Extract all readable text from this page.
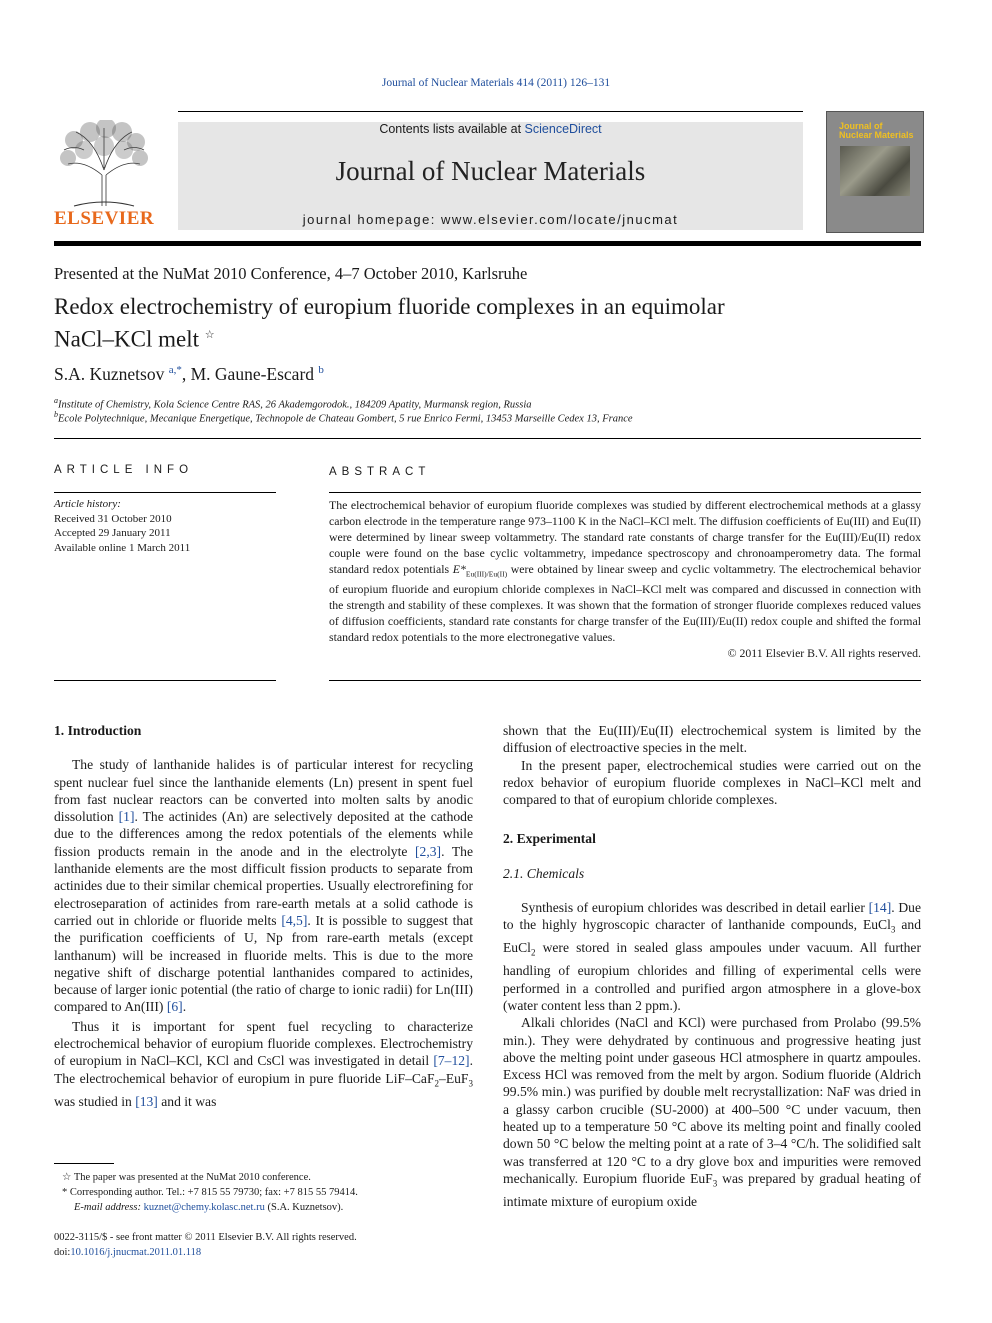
Journal of Nuclear Materials 414 (2011) 126–131
ELSEVIER
Contents lists available at ScienceDirect
Journal of Nuclear Materials
journal homepage: www.elsevier.com/locate/jnucmat
Journal of
Nuclear Materials
Presented at the NuMat 2010 Conference, 4–7 October 2010, Karlsruhe
Redox electrochemistry of europium fluoride complexes in an equimolar
NaCl–KCl melt ☆
S.A. Kuznetsov $^{a,*}$, M. Gaune-Escard $^b$
$^a$Institute of Chemistry, Kola Science Centre RAS, 26 Akademgorodok., 184209 Apatity, Murmansk region, Russia
$^b$Ecole Polytechnique, Mecanique Energetique, Technopole de Chateau Gombert, 5 rue Enrico Fermi, 13453 Marseille Cedex 13, France
ARTICLE INFO
Article history:
Received 31 October 2010
Accepted 29 January 2011
Available online 1 March 2011
ABSTRACT
The electrochemical behavior of europium fluoride complexes was studied by different electrochemical methods at a glassy carbon electrode in the temperature range 973–1100 K in the NaCl–KCl melt. The diffusion coefficients of Eu(III) and Eu(II) were determined by linear sweep voltammetry. The standard rate constants of charge transfer for the Eu(III)/Eu(II) redox couple were found on the base cyclic voltammetry, impedance spectroscopy and chronoamperometry data. The formal standard redox potentials $E*_{Eu(III)/Eu(II)}$ were obtained by linear sweep and cyclic voltammetry. The electrochemical behavior of europium fluoride and europium chloride complexes in NaCl–KCl melt was compared and discussed in connection with the strength and stability of these complexes. It was shown that the formation of stronger fluoride complexes reduced values of diffusion coefficients, standard rate constants for charge transfer of the Eu(III)/Eu(II) redox couple and shifted the formal standard redox potentials to the more electronegative values.
© 2011 Elsevier B.V. All rights reserved.
1. Introduction

The study of lanthanide halides is of particular interest for recycling spent nuclear fuel since the lanthanide elements (Ln) present in spent fuel from fast nuclear reactors can be converted into molten salts by anodic dissolution [1]. The actinides (An) are selectively deposited at the cathode due to the differences among the redox potentials of the elements while fission products remain in the anode and in the electrolyte [2,3]. The lanthanide elements are the most difficult fission products to separate from actinides due to their similar chemical properties. Usually electrorefining for electroseparation of actinides from rare-earth metals at a solid cathode is carried out in chloride or fluoride melts [4,5]. It is possible to suggest that the purification coefficients of U, Np from rare-earth metals (except lanthanum) will be increased in fluoride melts. This is due to the more negative shift of discharge potential lanthanides compared to actinides, because of larger ionic potential (the ratio of charge to ionic radii) for Ln(III) compared to An(III) [6].

Thus it is important for spent fuel recycling to characterize electrochemical behavior of europium fluoride complexes. Electrochemistry of europium in NaCl–KCl, KCl and CsCl was investigated in detail [7–12]. The electrochemical behavior of europium in pure fluoride LiF–CaF$_2$–EuF$_3$ was studied in [13] and it was

☆ The paper was presented at the NuMat 2010 conference.
* Corresponding author. Tel.: +7 815 55 79730; fax: +7 815 55 79414.
E-mail address: kuznet@chemy.kolasc.net.ru (S.A. Kuznetsov).
0022-3115/$ - see front matter © 2011 Elsevier B.V. All rights reserved.
doi:10.1016/j.jnucmat.2011.01.118

shown that the Eu(III)/Eu(II) electrochemical system is limited by the diffusion of electroactive species in the melt.

In the present paper, electrochemical studies were carried out on the redox behavior of europium fluoride complexes in NaCl–KCl melt and compared to that of europium chloride complexes.

2. Experimental
2.1. Chemicals

Synthesis of europium chlorides was described in detail earlier [14]. Due to the highly hygroscopic character of lanthanide compounds, EuCl$_3$ and EuCl$_2$ were stored in sealed glass ampoules under vacuum. All further handling of europium chlorides and filling of experimental cells were performed in a controlled and purified argon atmosphere in a glove-box (water content less than 2 ppm.).

Alkali chlorides (NaCl and KCl) were purchased from Prolabo (99.5% min.). They were dehydrated by continuous and progressive heating just above the melting point under gaseous HCl atmosphere in quartz ampoules. Excess HCl was removed from the melt by argon. Sodium fluoride (Aldrich 99.5% min.) was purified by double melt recrystallization: NaF was dried in a glassy carbon crucible (SU-2000) at 400–500 °C under vacuum, then heated up to a temperature 50 °C above its melting point and finally cooled down 50 °C below the melting point at a rate of 3–4 °C/h. The solidified salt was transferred at 120 °C to a dry glove box and impurities were removed mechanically. Europium fluoride EuF$_3$ was prepared by gradual heating of intimate mixture of europium oxide
